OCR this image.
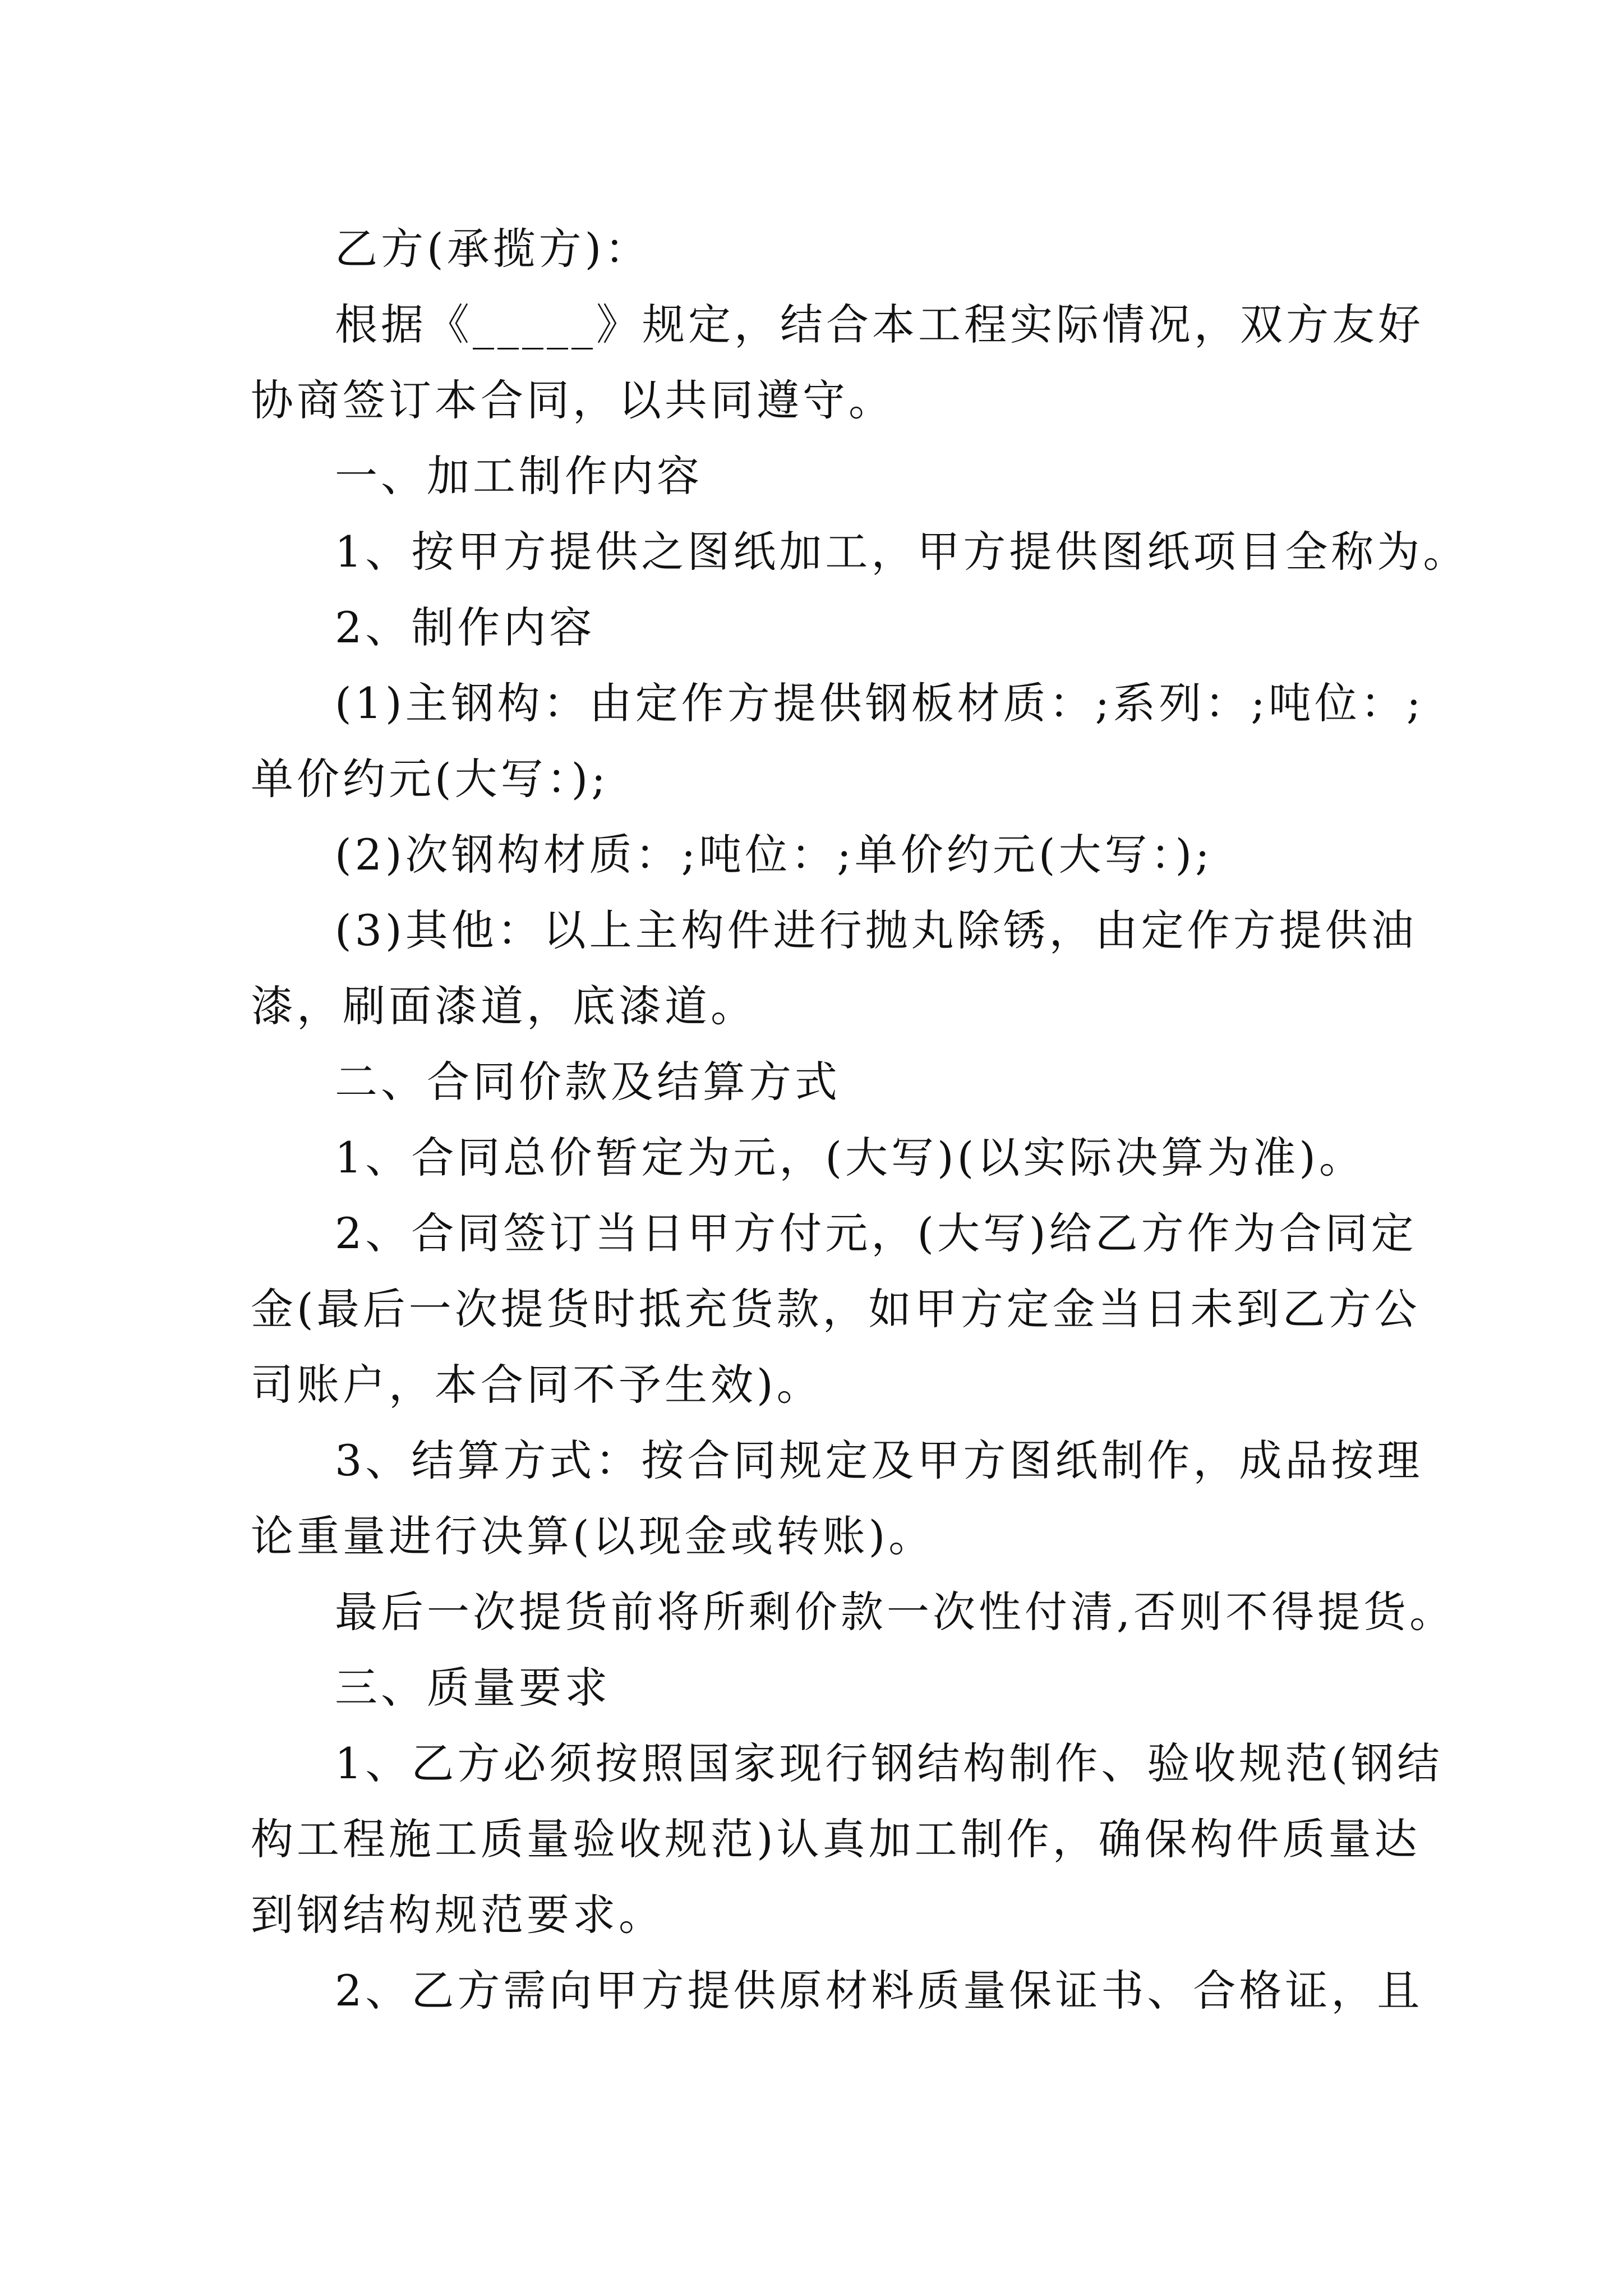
乙方(承揽方)：
根据《_____》规定，结合本工程实际情况，双方友好
协商签订本合同，以共同遵守。
一、加工制作内容
1、按甲方提供之图纸加工，甲方提供图纸项目全称为。
2、制作内容
(1)主钢构：由定作方提供钢板材质：;系列：;吨位：;
单价约元(大写：);
(2)次钢构材质：;吨位：;单价约元(大写：);
(3)其他：以上主构件进行抛丸除锈，由定作方提供油
漆，刷面漆道，底漆道。
二、合同价款及结算方式
1、合同总价暂定为元，(大写)(以实际决算为准)。
2、合同签订当日甲方付元，(大写)给乙方作为合同定
金(最后一次提货时抵充货款，如甲方定金当日未到乙方公
司账户，本合同不予生效)。
3、结算方式：按合同规定及甲方图纸制作，成品按理
论重量进行决算(以现金或转账)。
最后一次提货前将所剩价款一次性付清,否则不得提货。
三、质量要求
1、乙方必须按照国家现行钢结构制作、验收规范(钢结
构工程施工质量验收规范)认真加工制作，确保构件质量达
到钢结构规范要求。
2、乙方需向甲方提供原材料质量保证书、合格证，且
